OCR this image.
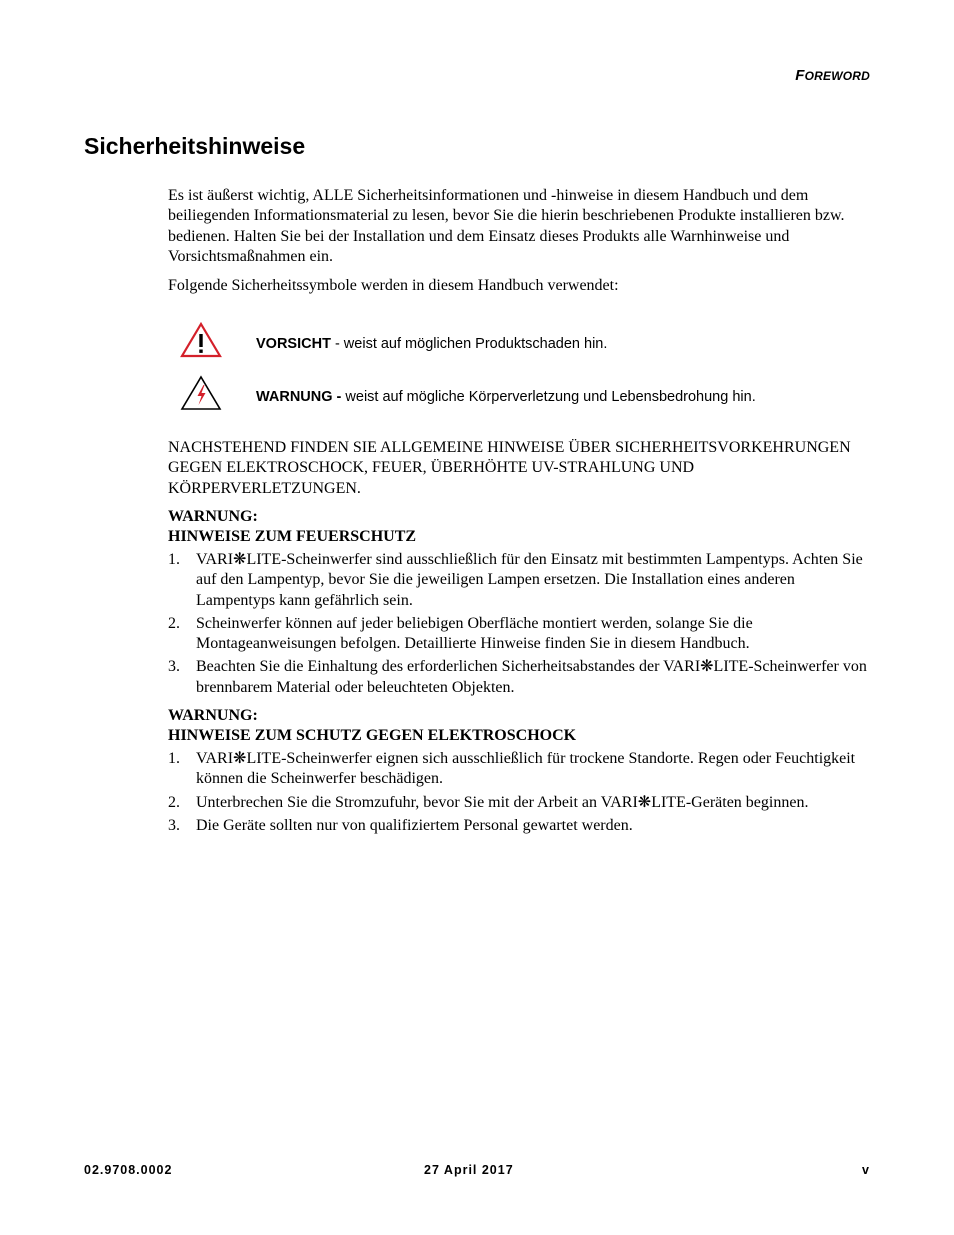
FOREWORD
Sicherheitshinweise

Es ist äußerst wichtig, ALLE Sicherheitsinformationen und -hinweise in diesem Handbuch und dem beiliegenden Informationsmaterial zu lesen, bevor Sie die hierin beschriebenen Produkte installieren bzw. bedienen. Halten Sie bei der Installation und dem Einsatz dieses Produkts alle Warnhinweise und Vorsichtsmaßnahmen ein.

Folgende Sicherheitssymbole werden in diesem Handbuch verwendet:

VORSICHT - weist auf möglichen Produktschaden hin.
WARNUNG - weist auf mögliche Körperverletzung und Lebensbedrohung hin.

NACHSTEHEND FINDEN SIE ALLGEMEINE HINWEISE ÜBER SICHERHEITSVORKEHRUNGEN GEGEN ELEKTROSCHOCK, FEUER, ÜBERHÖHTE UV-STRAHLUNG UND KÖRPERVERLETZUNGEN.

WARNUNG:

HINWEISE ZUM FEUERSCHUTZ

1. VARI❋LITE-Scheinwerfer sind ausschließlich für den Einsatz mit bestimmten Lampentyps. Achten Sie auf den Lampentyp, bevor Sie die jeweiligen Lampen ersetzen. Die Installation eines anderen Lampentyps kann gefährlich sein.
2. Scheinwerfer können auf jeder beliebigen Oberfläche montiert werden, solange Sie die Montageanweisungen befolgen. Detaillierte Hinweise finden Sie in diesem Handbuch.
3. Beachten Sie die Einhaltung des erforderlichen Sicherheitsabstandes der VARI❋LITE-Scheinwerfer von brennbarem Material oder beleuchteten Objekten.

WARNUNG:

HINWEISE ZUM SCHUTZ GEGEN ELEKTROSCHOCK

1. VARI❋LITE-Scheinwerfer eignen sich ausschließlich für trockene Standorte. Regen oder Feuchtigkeit können die Scheinwerfer beschädigen.
2. Unterbrechen Sie die Stromzufuhr, bevor Sie mit der Arbeit an VARI❋LITE-Geräten beginnen.
3. Die Geräte sollten nur von qualifiziertem Personal gewartet werden.
02.9708.0002	27 April 2017	v
